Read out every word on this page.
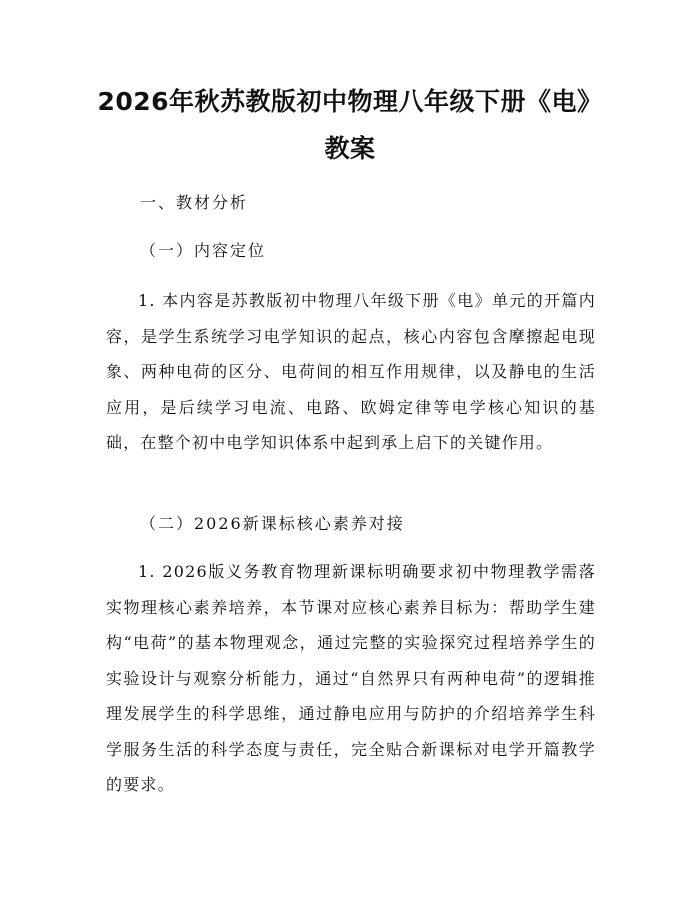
2026年秋苏教版初中物理八年级下册《电》
教案
一、教材分析
（一）内容定位

1. 本内容是苏教版初中物理八年级下册《电》单元的开篇内容，是学生系统学习电学知识的起点，核心内容包含摩擦起电现象、两种电荷的区分、电荷间的相互作用规律，以及静电的生活应用，是后续学习电流、电路、欧姆定律等电学核心知识的基础，在整个初中电学知识体系中起到承上启下的关键作用。

（二）2026新课标核心素养对接

1. 2026版义务教育物理新课标明确要求初中物理教学需落实物理核心素养培养，本节课对应核心素养目标为：帮助学生建构“电荷”的基本物理观念，通过完整的实验探究过程培养学生的实验设计与观察分析能力，通过“自然界只有两种电荷”的逻辑推理发展学生的科学思维，通过静电应用与防护的介绍培养学生科学服务生活的科学态度与责任，完全贴合新课标对电学开篇教学的要求。
